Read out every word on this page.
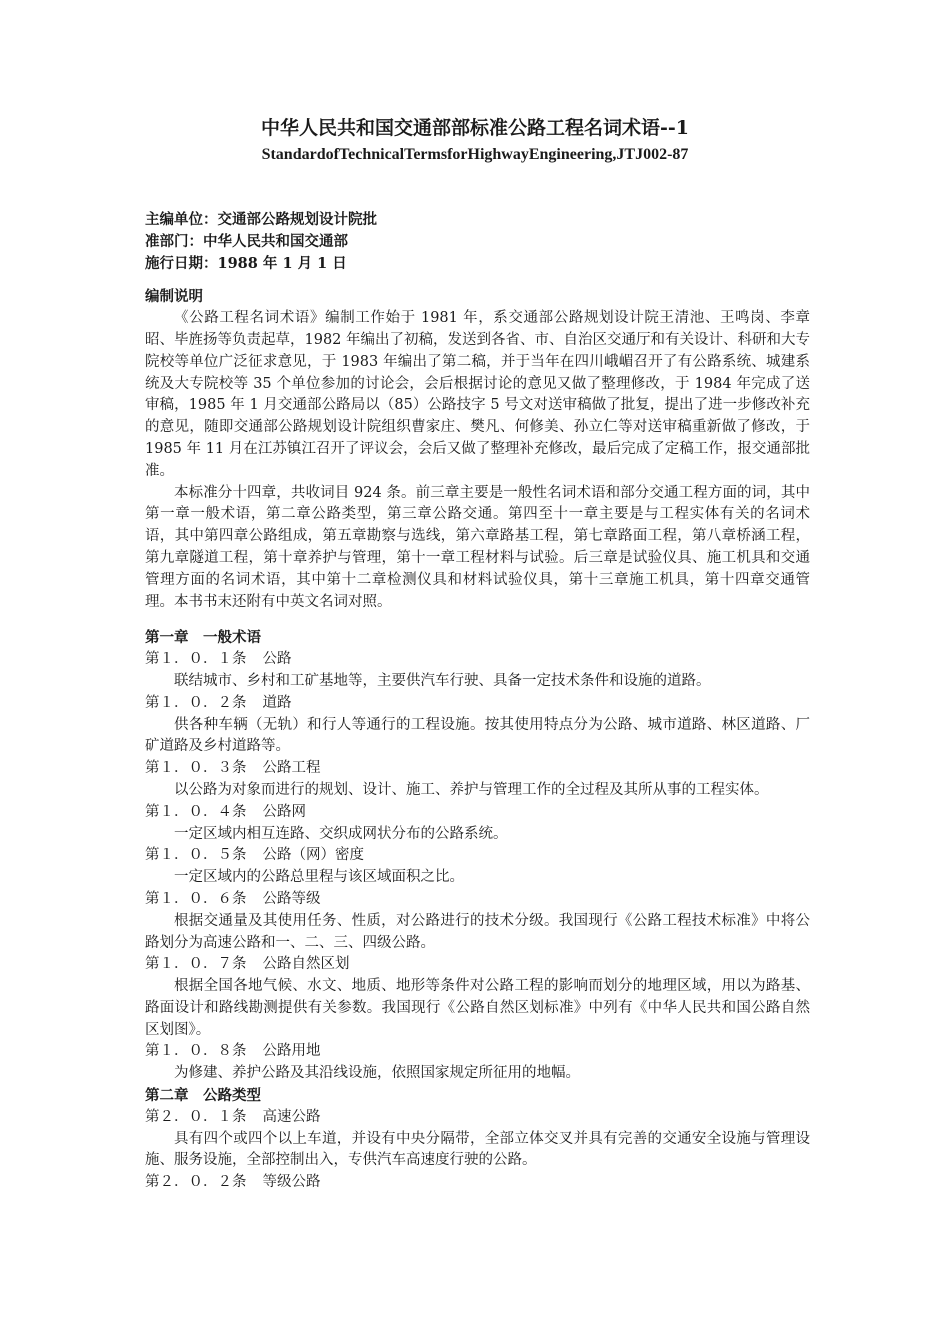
中华人民共和国交通部部标准公路工程名词术语--1
StandardofTechnicalTermsforHighwayEngineering,JTJ002-87
主编单位：交通部公路规划设计院批
准部门：中华人民共和国交通部
施行日期：1988 年 1 月 1 日
编制说明
《公路工程名词术语》编制工作始于 1981 年，系交通部公路规划设计院王清池、王鸣岗、李章昭、毕旌扬等负责起草，1982 年编出了初稿，发送到各省、市、自治区交通厅和有关设计、科研和大专院校等单位广泛征求意见，于 1983 年编出了第二稿，并于当年在四川峨嵋召开了有公路系统、城建系统及大专院校等 35 个单位参加的讨论会，会后根据讨论的意见又做了整理修改，于 1984 年完成了送审稿，1985 年 1 月交通部公路局以（85）公路技字 5 号文对送审稿做了批复，提出了进一步修改补充的意见，随即交通部公路规划设计院组织曹家庄、樊凡、何修美、孙立仁等对送审稿重新做了修改，于 1985 年 11 月在江苏镇江召开了评议会，会后又做了整理补充修改，最后完成了定稿工作，报交通部批准。
本标准分十四章，共收词目 924 条。前三章主要是一般性名词术语和部分交通工程方面的词，其中第一章一般术语，第二章公路类型，第三章公路交通。第四至十一章主要是与工程实体有关的名词术语，其中第四章公路组成，第五章勘察与选线，第六章路基工程，第七章路面工程，第八章桥涵工程，第九章隧道工程，第十章养护与管理，第十一章工程材料与试验。后三章是试验仪具、施工机具和交通管理方面的名词术语，其中第十二章检测仪具和材料试验仪具，第十三章施工机具，第十四章交通管理。本书书末还附有中英文名词对照。
第一章　一般术语
第１．０．１条 公路
联结城市、乡村和工矿基地等，主要供汽车行驶、具备一定技术条件和设施的道路。
第１．０．２条 道路
供各种车辆（无轨）和行人等通行的工程设施。按其使用特点分为公路、城市道路、林区道路、厂矿道路及乡村道路等。
第１．０．３条 公路工程
以公路为对象而进行的规划、设计、施工、养护与管理工作的全过程及其所从事的工程实体。
第１．０．４条 公路网
一定区域内相互连路、交织成网状分布的公路系统。
第１．０．５条 公路（网）密度
一定区域内的公路总里程与该区域面积之比。
第１．０．６条 公路等级
根据交通量及其使用任务、性质，对公路进行的技术分级。我国现行《公路工程技术标准》中将公路划分为高速公路和一、二、三、四级公路。
第１．０．７条 公路自然区划
根据全国各地气候、水文、地质、地形等条件对公路工程的影响而划分的地理区域，用以为路基、路面设计和路线勘测提供有关参数。我国现行《公路自然区划标准》中列有《中华人民共和国公路自然区划图》。
第１．０．８条 公路用地
为修建、养护公路及其沿线设施，依照国家规定所征用的地幅。
第二章　公路类型
第２．０．１条 高速公路
具有四个或四个以上车道，并设有中央分隔带，全部立体交叉并具有完善的交通安全设施与管理设施、服务设施，全部控制出入，专供汽车高速度行驶的公路。
第２．０．２条 等级公路
